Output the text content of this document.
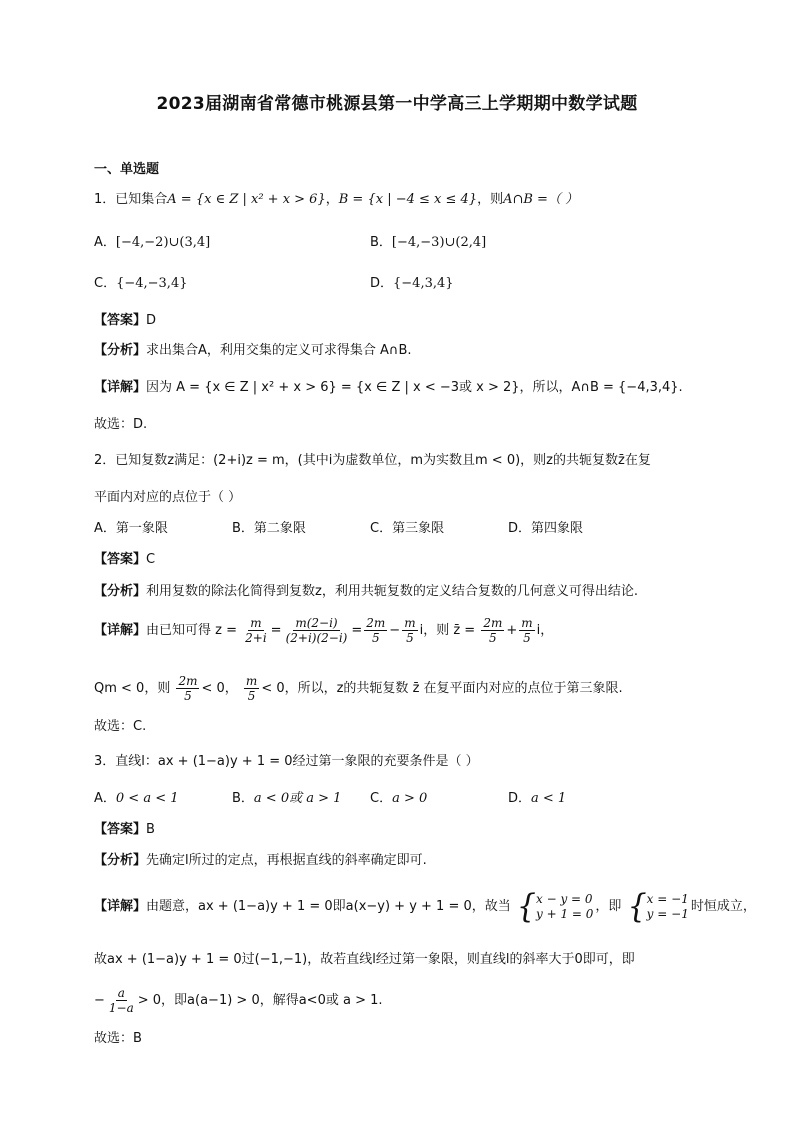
2023届湖南省常德市桃源县第一中学高三上学期期中数学试题
一、单选题
1．已知集合A = {x ∈ Z | x² + x > 6}，B = {x | −4 ≤ x ≤ 4}，则A∩B =（ ）
A．[−4,−2)∪(3,4]	B．[−4,−3)∪(2,4]
C．{−4,−3,4}	D．{−4,3,4}
【答案】D
【分析】求出集合A，利用交集的定义可求得集合 A∩B.
【详解】因为 A = {x ∈ Z | x² + x > 6} = {x ∈ Z | x < −3或 x > 2}，所以，A∩B = {−4,3,4}.
故选：D.
2．已知复数z满足：(2+i)z = m，(其中i为虚数单位，m为实数且m < 0)，则z的共轭复数z̄在复
平面内对应的点位于（ ）
A．第一象限	B．第二象限	C．第三象限	D．第四象限
【答案】C
【分析】利用复数的除法化简得到复数z，利用共轭复数的定义结合复数的几何意义可得出结论.
【详解】由已知可得 $z = \frac{m}{2+i} = \frac{m(2-i)}{(2+i)(2-i)} = \frac{2m}{5} - \frac{m}{5}$ i，则 z̄ = $\frac{2m}{5} + \frac{m}{5}$ i，
Qm < 0，则 $\frac{2m}{5} < 0$， $\frac{m}{5} < 0$，所以，z的共轭复数 z̄ 在复平面内对应的点位于第三象限.
故选：C.
3．直线l：ax + (1−a)y + 1 = 0经过第一象限的充要条件是（ ）
A．0 < a < 1	B．a < 0或 a > 1 C．a > 0	D．a < 1
【答案】B
【分析】先确定l所过的定点，再根据直线的斜率确定即可.
【详解】由题意，ax + (1−a)y + 1 = 0即a(x−y) + y + 1 = 0，故当 { x − y = 0
y + 1 = 0 ，即 { x = −1
y = −1 时恒成立，
故ax + (1−a)y + 1 = 0过(−1,−1)，故若直线l经过第一象限，则直线l的斜率大于0即可，即
− $\frac{a}{1-a} > 0$，即a(a−1) > 0，解得a<0或 a > 1.
故选：B
